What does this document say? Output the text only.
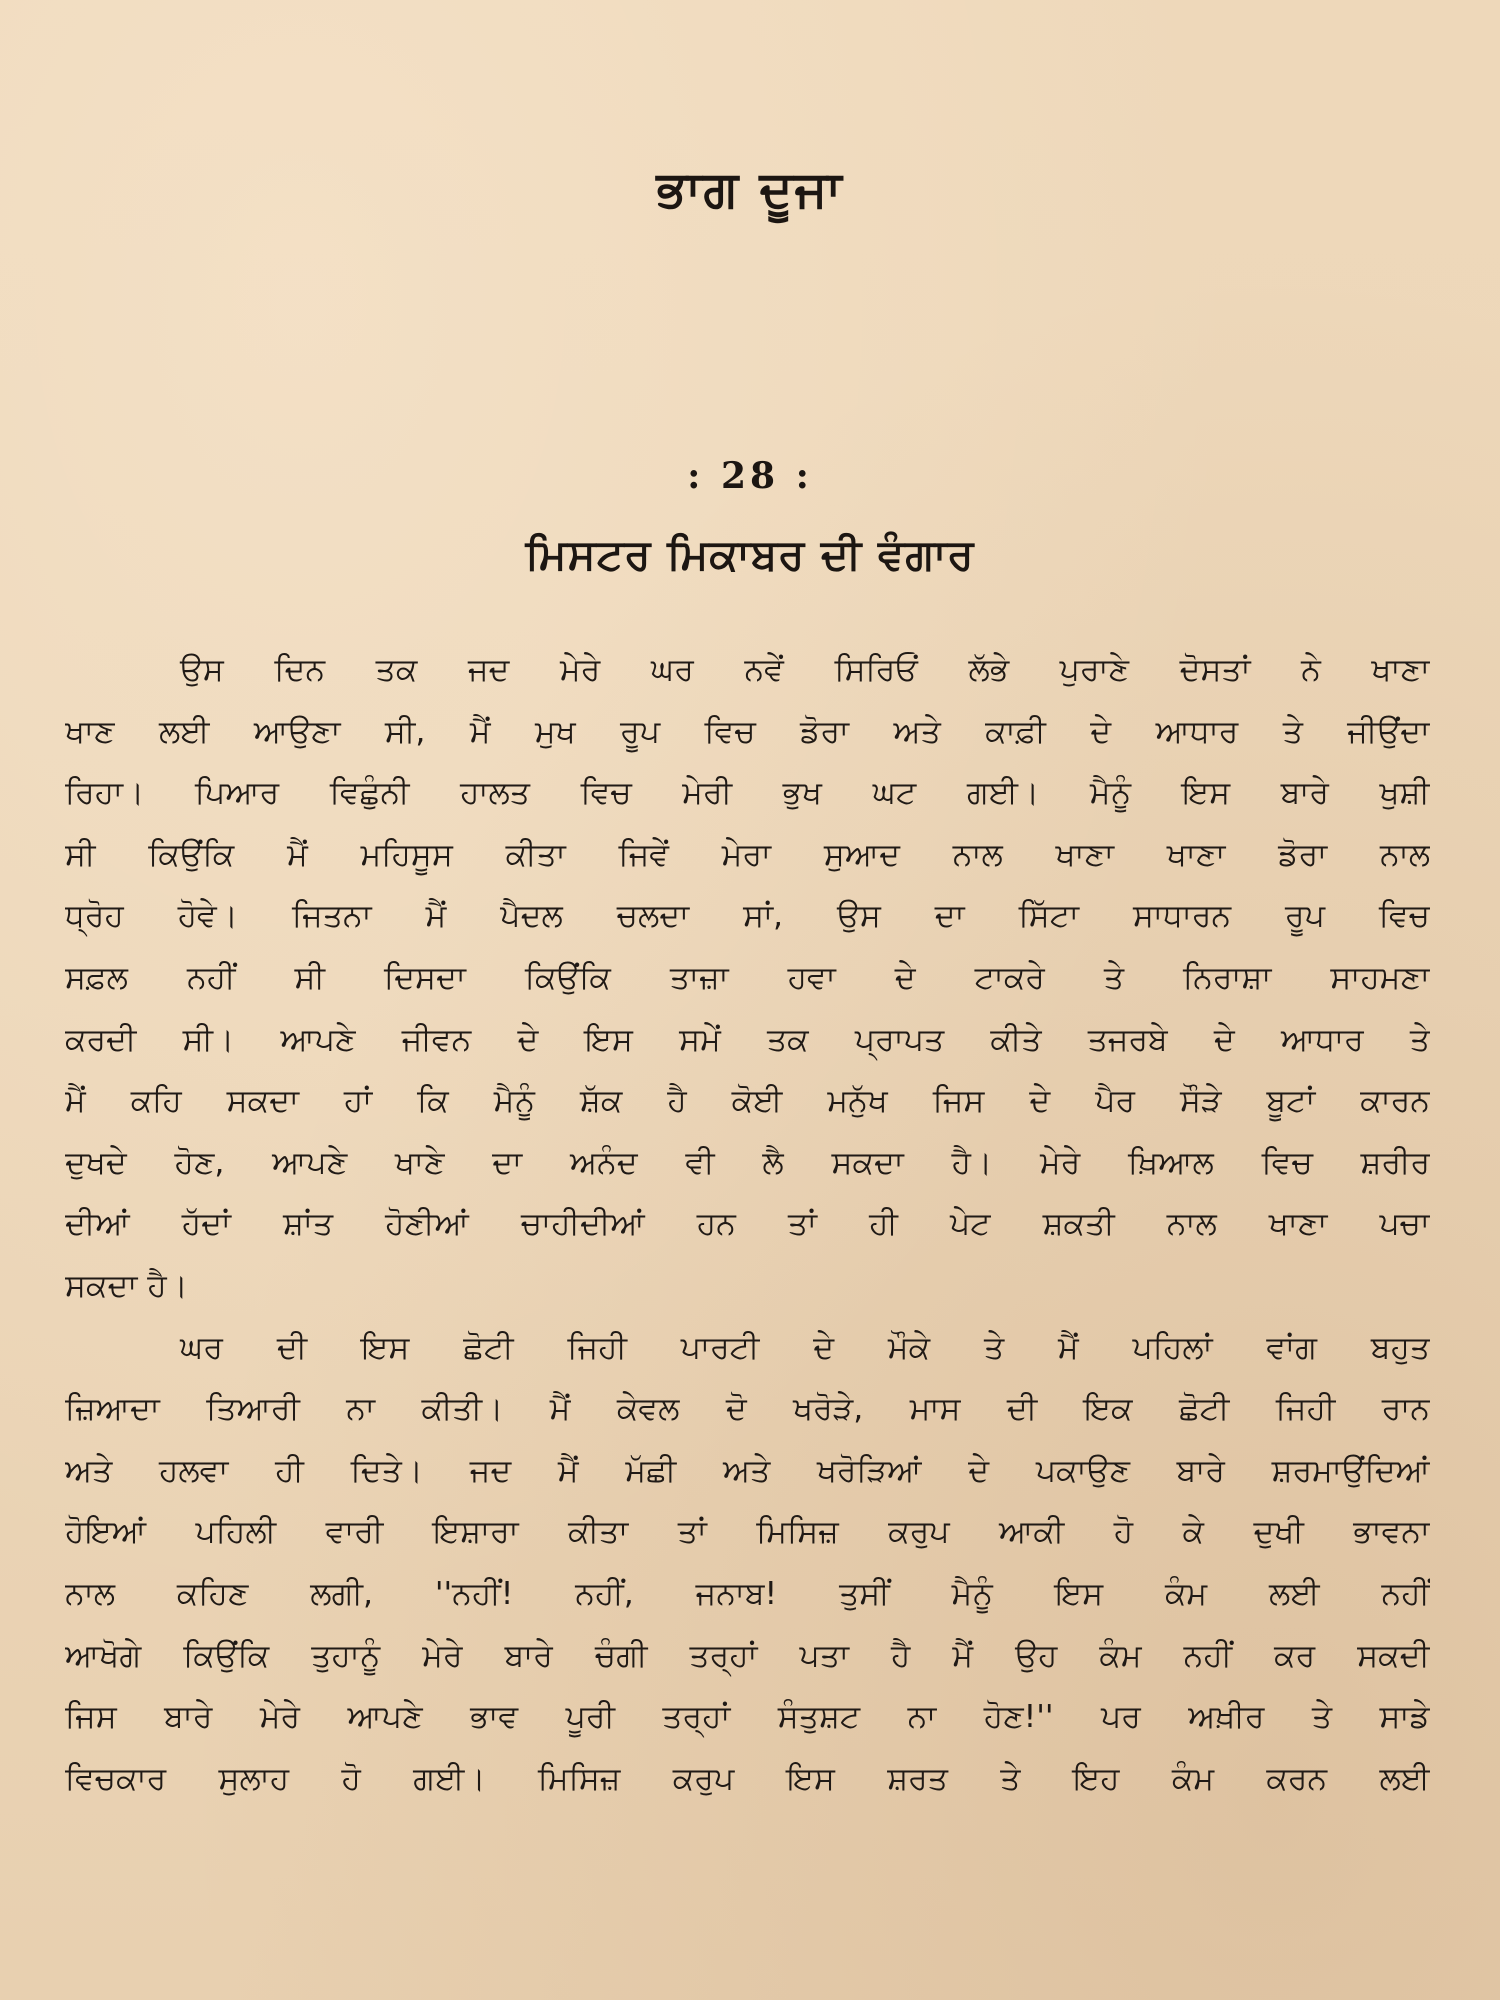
ਭਾਗ ਦੂਜਾ
: 28 :
ਮਿਸਟਰ ਮਿਕਾਬਰ ਦੀ ਵੰਗਾਰ
ਉਸ ਦਿਨ ਤਕ ਜਦ ਮੇਰੇ ਘਰ ਨਵੇਂ ਸਿਰਿਓਂ ਲੱਭੇ ਪੁਰਾਣੇ ਦੋਸਤਾਂ ਨੇ ਖਾਣਾ
ਖਾਣ ਲਈ ਆਉਣਾ ਸੀ, ਮੈਂ ਮੁਖ ਰੂਪ ਵਿਚ ਡੋਰਾ ਅਤੇ ਕਾਫ਼ੀ ਦੇ ਆਧਾਰ ਤੇ ਜੀਉਂਦਾ
ਰਿਹਾ। ਪਿਆਰ ਵਿਛੁੰਨੀ ਹਾਲਤ ਵਿਚ ਮੇਰੀ ਭੁਖ ਘਟ ਗਈ। ਮੈਨੂੰ ਇਸ ਬਾਰੇ ਖੁਸ਼ੀ
ਸੀ ਕਿਉਂਕਿ ਮੈਂ ਮਹਿਸੂਸ ਕੀਤਾ ਜਿਵੇਂ ਮੇਰਾ ਸੁਆਦ ਨਾਲ ਖਾਣਾ ਖਾਣਾ ਡੋਰਾ ਨਾਲ
ਧ੍ਰੋਹ ਹੋਵੇ। ਜਿਤਨਾ ਮੈਂ ਪੈਦਲ ਚਲਦਾ ਸਾਂ, ਉਸ ਦਾ ਸਿੱਟਾ ਸਾਧਾਰਨ ਰੂਪ ਵਿਚ
ਸਫ਼ਲ ਨਹੀਂ ਸੀ ਦਿਸਦਾ ਕਿਉਂਕਿ ਤਾਜ਼ਾ ਹਵਾ ਦੇ ਟਾਕਰੇ ਤੇ ਨਿਰਾਸ਼ਾ ਸਾਹਮਣਾ
ਕਰਦੀ ਸੀ। ਆਪਣੇ ਜੀਵਨ ਦੇ ਇਸ ਸਮੇਂ ਤਕ ਪ੍ਰਾਪਤ ਕੀਤੇ ਤਜਰਬੇ ਦੇ ਆਧਾਰ ਤੇ
ਮੈਂ ਕਹਿ ਸਕਦਾ ਹਾਂ ਕਿ ਮੈਨੂੰ ਸ਼ੱਕ ਹੈ ਕੋਈ ਮਨੁੱਖ ਜਿਸ ਦੇ ਪੈਰ ਸੌੜੇ ਬੂਟਾਂ ਕਾਰਨ
ਦੁਖਦੇ ਹੋਣ, ਆਪਣੇ ਖਾਣੇ ਦਾ ਅਨੰਦ ਵੀ ਲੈ ਸਕਦਾ ਹੈ। ਮੇਰੇ ਖ਼ਿਆਲ ਵਿਚ ਸ਼ਰੀਰ
ਦੀਆਂ ਹੱਦਾਂ ਸ਼ਾਂਤ ਹੋਣੀਆਂ ਚਾਹੀਦੀਆਂ ਹਨ ਤਾਂ ਹੀ ਪੇਟ ਸ਼ਕਤੀ ਨਾਲ ਖਾਣਾ ਪਚਾ
ਸਕਦਾ ਹੈ।
ਘਰ ਦੀ ਇਸ ਛੋਟੀ ਜਿਹੀ ਪਾਰਟੀ ਦੇ ਮੌਕੇ ਤੇ ਮੈਂ ਪਹਿਲਾਂ ਵਾਂਗ ਬਹੁਤ
ਜ਼ਿਆਦਾ ਤਿਆਰੀ ਨਾ ਕੀਤੀ। ਮੈਂ ਕੇਵਲ ਦੋ ਖਰੋੜੇ, ਮਾਸ ਦੀ ਇਕ ਛੋਟੀ ਜਿਹੀ ਰਾਨ
ਅਤੇ ਹਲਵਾ ਹੀ ਦਿਤੇ। ਜਦ ਮੈਂ ਮੱਛੀ ਅਤੇ ਖਰੋੜਿਆਂ ਦੇ ਪਕਾਉਣ ਬਾਰੇ ਸ਼ਰਮਾਉਂਦਿਆਂ
ਹੋਇਆਂ ਪਹਿਲੀ ਵਾਰੀ ਇਸ਼ਾਰਾ ਕੀਤਾ ਤਾਂ ਮਿਸਿਜ਼ ਕਰੁਪ ਆਕੀ ਹੋ ਕੇ ਦੁਖੀ ਭਾਵਨਾ
ਨਾਲ ਕਹਿਣ ਲਗੀ, ''ਨਹੀਂ! ਨਹੀਂ, ਜਨਾਬ! ਤੁਸੀਂ ਮੈਨੂੰ ਇਸ ਕੰਮ ਲਈ ਨਹੀਂ
ਆਖੋਗੇ ਕਿਉਂਕਿ ਤੁਹਾਨੂੰ ਮੇਰੇ ਬਾਰੇ ਚੰਗੀ ਤਰ੍ਹਾਂ ਪਤਾ ਹੈ ਮੈਂ ਉਹ ਕੰਮ ਨਹੀਂ ਕਰ ਸਕਦੀ
ਜਿਸ ਬਾਰੇ ਮੇਰੇ ਆਪਣੇ ਭਾਵ ਪੂਰੀ ਤਰ੍ਹਾਂ ਸੰਤੁਸ਼ਟ ਨਾ ਹੋਣ!'' ਪਰ ਅਖ਼ੀਰ ਤੇ ਸਾਡੇ
ਵਿਚਕਾਰ ਸੁਲਾਹ ਹੋ ਗਈ। ਮਿਸਿਜ਼ ਕਰੁਪ ਇਸ ਸ਼ਰਤ ਤੇ ਇਹ ਕੰਮ ਕਰਨ ਲਈ
